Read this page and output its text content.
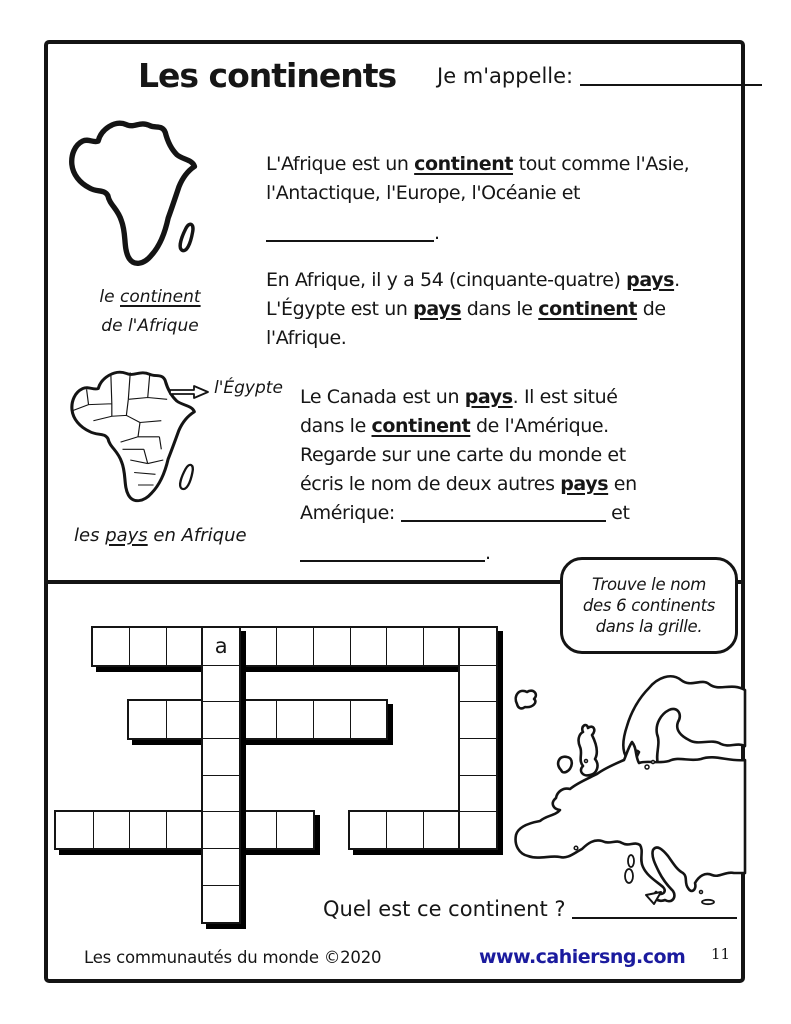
Les continents Je m'appelle:
le continent
de l'Afrique
l'Égypte
les pays en Afrique
L'Afrique est un continent tout comme l'Asie,
l'Antactique, l'Europe, l'Océanie et
.
En Afrique, il y a 54 (cinquante-quatre) pays.
L'Égypte est un pays dans le continent de
l'Afrique.
Le Canada est un pays. Il est situé
dans le continent de l'Amérique.
Regarde sur une carte du monde et
écris le nom de deux autres pays en
Amérique:	et
.
Trouve le nom
des 6 continents
dans la grille.
a
Quel est ce continent ?
Les communautés du monde ©2020	www.cahiersng.com 11
